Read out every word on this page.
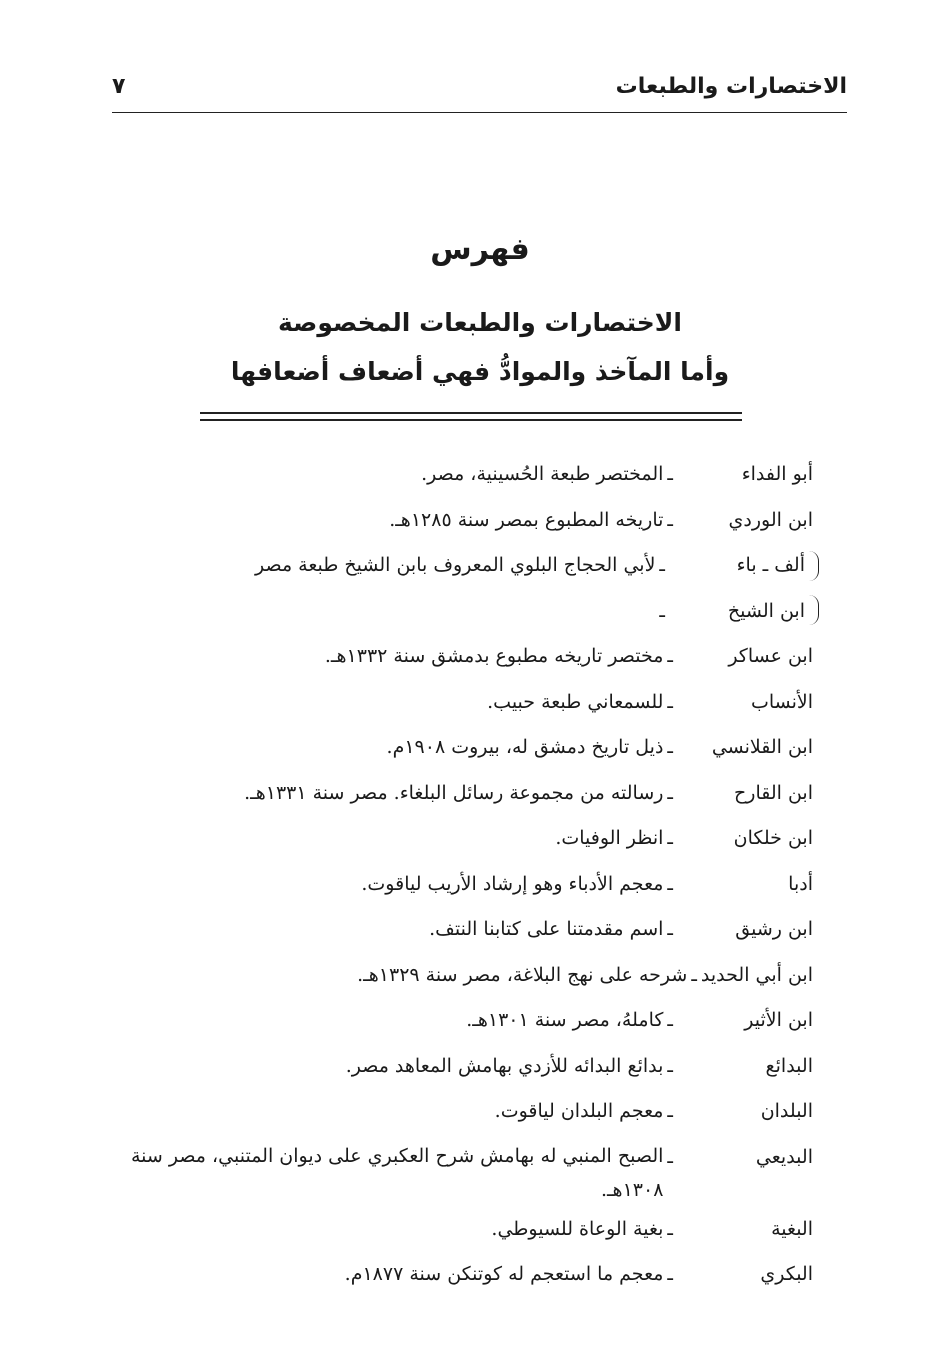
الاختصارات والطبعات
٧
فهرس
الاختصارات والطبعات المخصوصة
وأما المآخذ والموادُّ فهي أضعاف أضعافها
أبو الفداء
ـ
المختصر طبعة الحُسينية، مصر.
ابن الوردي
ـ
تاريخه المطبوع بمصر سنة ١٢٨٥هـ.
ألف ـ باء
ـ
لأبي الحجاج البلوي المعروف بابن الشيخ طبعة مصر
ابن الشيخ
ـ
ابن عساكر
ـ
مختصر تاريخه مطبوع بدمشق سنة ١٣٣٢هـ.
الأنساب
ـ
للسمعاني طبعة حبيب.
ابن القلانسي
ـ
ذيل تاريخ دمشق له، بيروت ١٩٠٨م.
ابن القارح
ـ
رسالته من مجموعة رسائل البلغاء. مصر سنة ١٣٣١هـ.
ابن خلكان
ـ
انظر الوفيات.
أدبا
ـ
معجم الأدباء وهو إرشاد الأريب لياقوت.
ابن رشيق
ـ
اسم مقدمتنا على كتابنا النتف.
ابن أبي الحديد
ـ
شرحه على نهج البلاغة، مصر سنة ١٣٢٩هـ.
ابن الأثير
ـ
كاملهُ، مصر سنة ١٣٠١هـ.
البدائع
ـ
بدائع البدائه للأزدي بهامش المعاهد مصر.
البلدان
ـ
معجم البلدان لياقوت.
البديعي
ـ
الصبح المنبي له بهامش شرح العكبري على ديوان المتنبي، مصر سنة ١٣٠٨هـ.
البغية
ـ
بغية الوعاة للسيوطي.
البكري
ـ
معجم ما استعجم له كوتنكن سنة ١٨٧٧م.
